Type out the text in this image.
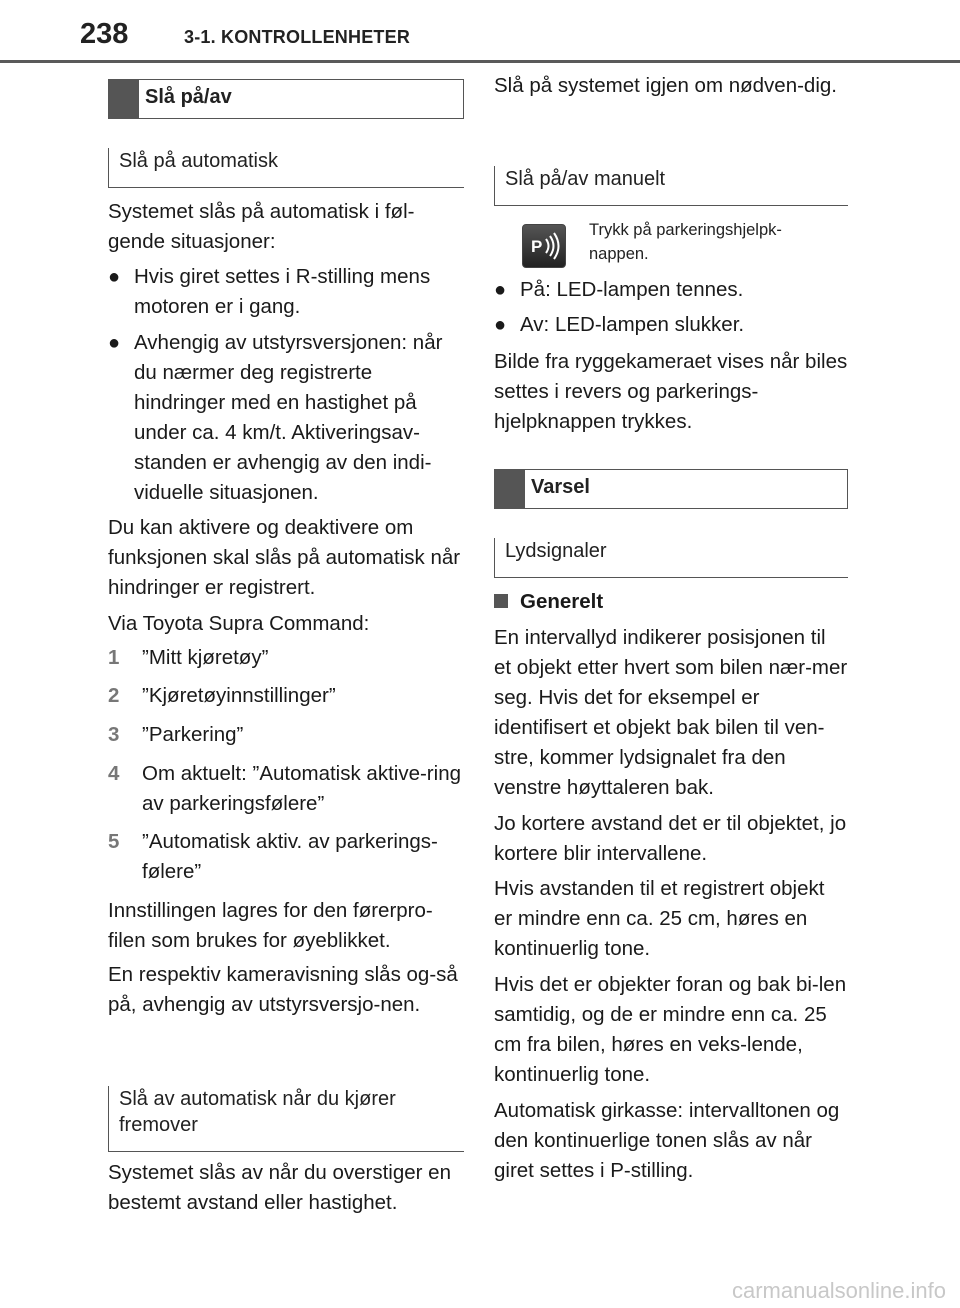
238	3-1. KONTROLLENHETER
Slå på/av
Slå på automatisk
Systemet slås på automatisk i føl-gende situasjoner:
● Hvis giret settes i R-stilling mens motoren er i gang.
● Avhengig av utstyrsversjonen: når du nærmer deg registrerte hindringer med en hastighet på under ca. 4 km/t. Aktiveringsav-standen er avhengig av den indi-viduelle situasjonen.
Du kan aktivere og deaktivere om funksjonen skal slås på automatisk når hindringer er registrert.
Via Toyota Supra Command:
1 ”Mitt kjøretøy”
2 ”Kjøretøyinnstillinger”
3 ”Parkering”
4 Om aktuelt: ”Automatisk aktive-ring av parkeringsfølere”
5 ”Automatisk aktiv. av parkerings-følere”
Innstillingen lagres for den førerpro-filen som brukes for øyeblikket.
En respektiv kameravisning slås og-så på, avhengig av utstyrsversjo-nen.
Slå av automatisk når du kjører fremover
Systemet slås av når du overstiger en bestemt avstand eller hastighet.
Slå på systemet igjen om nødven-dig.
Slå på/av manuelt
P
Trykk på parkeringshjelpk-nappen.
● På: LED-lampen tennes.
● Av: LED-lampen slukker.
Bilde fra ryggekameraet vises når biles settes i revers og parkerings-hjelpknappen trykkes.
Varsel
Lydsignaler
Generelt
En intervallyd indikerer posisjonen til et objekt etter hvert som bilen nær-mer seg. Hvis det for eksempel er identifisert et objekt bak bilen til ven-stre, kommer lydsignalet fra den venstre høyttaleren bak.
Jo kortere avstand det er til objektet, jo kortere blir intervallene.
Hvis avstanden til et registrert objekt er mindre enn ca. 25 cm, høres en kontinuerlig tone.
Hvis det er objekter foran og bak bi-len samtidig, og de er mindre enn ca. 25 cm fra bilen, høres en veks-lende, kontinuerlig tone.
Automatisk girkasse: intervalltonen og den kontinuerlige tonen slås av når giret settes i P-stilling.
carmanualsonline.info
